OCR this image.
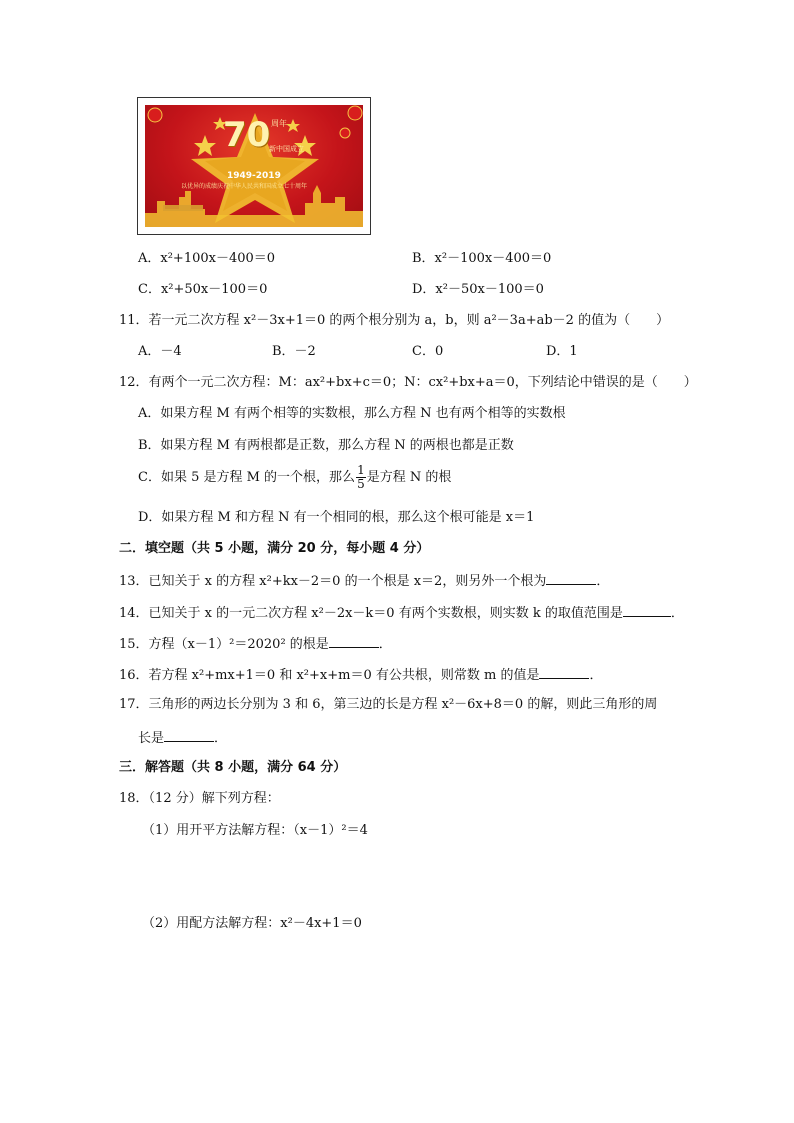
70 周年
新中国成立
1949-2019
以优异的成绩庆祝中华人民共和国成立七十周年
A．x²+100x－400＝0	B．x²－100x－400＝0
C．x²+50x－100＝0	D．x²－50x－100＝0
11．若一元二次方程 x²－3x+1＝0 的两个根分别为 a，b，则 a²－3a+ab－2 的值为（　　）
A．－4	B．－2	C．0	D．1
12．有两个一元二次方程：M：ax²+bx+c＝0；N：cx²+bx+a＝0，下列结论中错误的是（　　）
A．如果方程 M 有两个相等的实数根，那么方程 N 也有两个相等的实数根
B．如果方程 M 有两根都是正数，那么方程 N 的两根也都是正数
C．如果 5 是方程 M 的一个根，那么 $\frac{1}{5}$ 是方程 N 的根
D．如果方程 M 和方程 N 有一个相同的根，那么这个根可能是 x＝1
二．填空题（共 5 小题，满分 20 分，每小题 4 分）
13．已知关于 x 的方程 x²+kx－2＝0 的一个根是 x＝2，则另外一个根为	．
14．已知关于 x 的一元二次方程 x²－2x－k＝0 有两个实数根，则实数 k 的取值范围是	．
15．方程（x－1）²＝2020² 的根是	．
16．若方程 x²+mx+1＝0 和 x²+x+m＝0 有公共根，则常数 m 的值是	．
17．三角形的两边长分别为 3 和 6，第三边的长是方程 x²－6x+8＝0 的解，则此三角形的周
长是	．
三．解答题（共 8 小题，满分 64 分）
18．（12 分）解下列方程：
（1）用开平方法解方程：（x－1）²＝4
（2）用配方法解方程：x²－4x+1＝0
